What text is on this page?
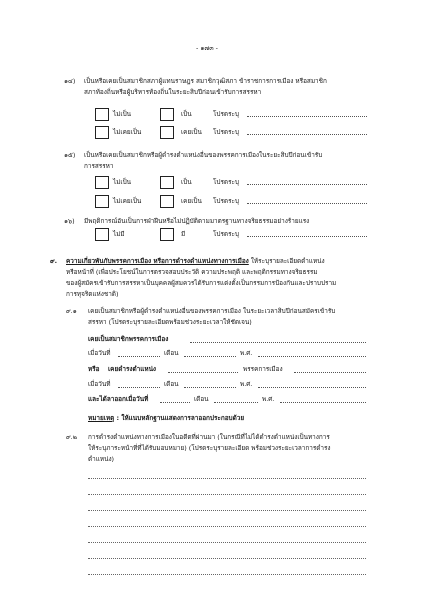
- ๑๗๓ -
๑๔) เป็นหรือเคยเป็นสมาชิกสภาผู้แทนราษฎร สมาชิกวุฒิสภา ข้าราชการการเมือง หรือสมาชิก
สภาท้องถิ่นหรือผู้บริหารท้องถิ่นในระยะสิบปีก่อนเข้ารับการสรรหา
ไม่เป็น	เป็น	โปรดระบุ
ไม่เคยเป็น	เคยเป็น โปรดระบุ
๑๕) เป็นหรือเคยเป็นสมาชิกหรือผู้ดำรงตำแหน่งอื่นของพรรคการเมืองในระยะสิบปีก่อนเข้ารับ
การสรรหา
ไม่เป็น	เป็น	โปรดระบุ
ไม่เคยเป็น	เคยเป็น โปรดระบุ
๑๖) มีพฤติการณ์อันเป็นการฝ่าฝืนหรือไม่ปฏิบัติตามมาตรฐานทางจริยธรรมอย่างร้ายแรง
ไม่มี	มี	โปรดระบุ
๙. ความเกี่ยวพันกับพรรคการเมือง หรือการดำรงตำแหน่งทางการเมือง ให้ระบุรายละเอียดตำแหน่ง
หรือหน้าที่ (เพื่อประโยชน์ในการตรวจสอบประวัติ ความประพฤติ และพฤติกรรมทางจริยธรรม
ของผู้สมัครเข้ารับการสรรหาเป็นบุคคลผู้สมควรได้รับการแต่งตั้งเป็นกรรมการป้องกันและปราบปราม
การทุจริตแห่งชาติ)
๙.๑ เคยเป็นสมาชิกหรือผู้ดำรงตำแหน่งอื่นของพรรคการเมือง ในระยะเวลาสิบปีก่อนสมัครเข้ารับ
สรรหา (โปรดระบุรายละเอียดพร้อมช่วงระยะเวลาให้ชัดเจน)
เคยเป็นสมาชิกพรรคการเมือง
เมื่อวันที่	เดือน	พ.ศ.
หรือ เคยดำรงตำแหน่ง	พรรคการเมือง
เมื่อวันที่	เดือน	พ.ศ.
และได้ลาออกเมื่อวันที่	เดือน	พ.ศ.
หมายเหตุ : ให้แนบหลักฐานแสดงการลาออกประกอบด้วย
๙.๒ การดำรงตำแหน่งทางการเมืองในอดีตที่ผ่านมา (ในกรณีที่ไม่ได้ดำรงตำแหน่งเป็นทางการ
ให้ระบุภาระหน้าที่ที่ได้รับมอบหมาย) (โปรดระบุรายละเอียด พร้อมช่วงระยะเวลาการดำรง
ตำแหน่ง)
